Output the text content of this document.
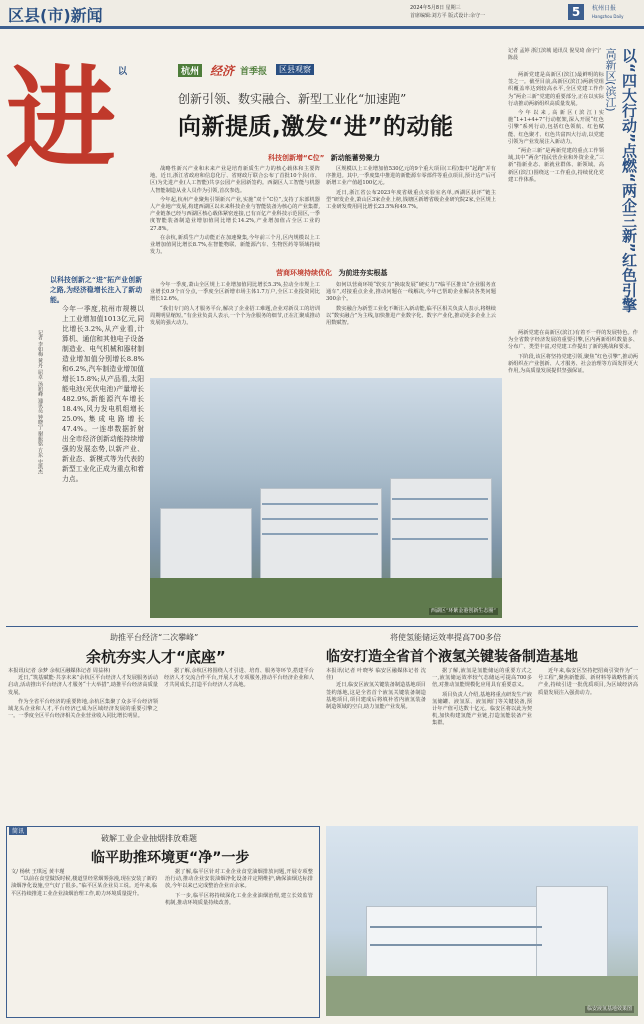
区县(市)新闻	2024年5月8日 星期三
首席编辑:刘方平 版式设计:余守一	5	杭州日报
Hangzhou Daily
进 以
以科技创新之“进”拓产业创新之路,为经济稳增长注入了新动能。
记者 李如梅 黄丹 屈卓 汤旭峰 通讯员 钟晓宁 谢振铭 方东 史凯杰
今年一季度,杭州市规模以上工业增加值1013亿元,同比增长3.2%,从产业看,计算机、通信和其他电子设备制造业、电气机械和器材制造业增加值分别增长8.8%和6.2%,汽车制造业增加值增长15.8%;从产品看,太阳能电池(光伏电池)产量增长482.9%,新能源汽车增长18.4%,风力发电机组增长25.0%,集成电路增长47.4%。一连串数据折射出全市经济创新动能持续增强的发展态势,以新产业、新业态、新模式等为代表的新型工业化正成为重点和着力点。
杭州 经济 首季报	区县观察
创新引领、数实融合、新型工业化“加速跑”
向新提质,激发“进”的动能
科技创新增“C位” 新动能蓄势聚力

战略性新兴产业和未来产业是培育新质生产力的核心载体和主要阵地。近日,浙江省政府和信息化厅、省财政厅联合公布了首批10个县(市、区)为先进产业(人工智能)共享公园产业园新签约。西湖区人工智能与机器人智能制造从业人员作为引领,首次参选。

今年起,杭州产业聚焦引领新兴产业,实施“双十“C位”,支持了东部机器人产业地产发展,构建西湖区以未来科技企业与智能装备为核心的产业集群,产业链条已经与西湖区核心载体紧密连接,已有百亿产业科技示范园区,一季度智能装备制造业增加值同比增长14.2%,产业增加值占全区工业的27.8%。

在余杭,新质生产力动能正在加速聚集,今年前三个月,区内规模以上工业增加值同比增长8.7%,在智能物联、新能源汽车、生物医药等领域持续发力。

区规模以上工业增加值530亿元的9个重大项目(工程)集中“起跑”并有序推进。其中,一季度集中推进的新能源车零部件等重点项目,预计达产后可新增工业产值超100亿元。

近日,浙江省公布2023年度省级重点实验室名单,西湖区获评“链主型”研发企业,萧山区3家企业上榜,钱塘区新增省级企业研究院2家,全区规上工业研发费用同比增长23.5%和49.7%。

营商环境持续优化 为前进夯实根基

今年一季度,萧山全区规上工业增加值同比增长5.3%,拉动全市规上工业增长0.9个百分点,一季度全区新增市场主体1.7万户,全区工业投资同比增长12.6%。

“我们专门的人才服务平台,解决了企业招工难题,企业对新员工的培训周期明显缩短。”有企业负责人表示,一个个为企服务的细节,正在汇聚成推动发展的强大动力。

如何以营商环境“软实力”换取发展“硬实力”?临平区推出“企业服务直通车”,对接重点企业,推动问题在一线解决,今年已帮助企业解决各类问题300余个。

数实融合为新型工业化不断注入新动能,临平区相关负责人表示,将继续以“数实融合”为主线,加快推进产业数字化、数字产业化,推动更多企业上云用数赋智。

西湖区“环紫金港创新生态圈”
记者 孟婷 浙江滨城 通讯员 倪旻琦 俞宇宁 陈晨	高新区(滨江) 以“四大行动”点燃“两企三新”红色引擎

两新党建是高新区(滨江)最鲜明的标签之一。截至目前,高新区(滨江)两新党组织覆盖率达到较高水平,全区党建工作作为“两企三新”党建的重要部分,正在以实际行动推动两新组织高质量发展。

今年以来,高新区(滨江)实施“1+1+4+7”行动框架,深入开展“红色引擎”系列行动,包括红色领航、红色赋能、红色聚才、红色共富四大行动,以党建引领为产业发展注入新动力。

“两企三新”是两新党建的重点工作领域,其中“两企”指民营企业和外资企业,“三新”指新业态、新就业群体、新领域。高新区(滨江)围绕这一工作重点,持续优化党建工作体系。

两新党建在高新区(滨江)有着不一样的发展特色。作为全省数字经济发展的重要引擎,区内两新组织数量多、分布广、类型丰富,对党建工作提出了新的挑战和要求。

下阶段,该区将坚持党建引领,聚焦“红色引擎”,推动两新组织在产业创新、人才服务、社会治理等方面发挥更大作用,为高质量发展提供坚强保证。

助推平台经济“二次攀峰”
余杭夯实人才“底座”

本报讯(记者 余梦 余杭区融媒体记者 周益林)

近日,“筑基赋能·共享未来”余杭区平台经济人才发展服务活动启动,活动推出平台经济人才服务“十大举措”,助推平台经济高质量发展。

作为全省平台经济的重要阵地,余杭区集聚了众多平台经济领域龙头企业和人才,平台经济已成为区域经济发展的重要引擎之一。一季度全区平台经济相关企业营业收入同比增长明显。

据了解,余杭区将围绕人才引进、培育、服务等环节,搭建平台经济人才交流合作平台,开展人才专项服务,推动平台经济企业和人才共同成长,打造平台经济人才高地。

将使氢能储运效率提高700多倍
临安打造全省首个液氢关键装备制造基地

本报讯(记者 叶晓岑 临安区融媒体记者 沈佳)

近日,临安区液氢关键装备制造基地项目签约落地,这是全省首个液氢关键装备制造基地项目,项目建成后将填补省内液氢装备制造领域的空白,助力氢能产业发展。

据了解,液氢是氢能储运的重要方式之一,液氢储运效率较气态储运可提高700多倍,对推动氢能规模化应用具有重要意义。

项目负责人介绍,基地将重点研发生产液氢储罐、液氢泵、液氢阀门等关键装备,预计年产值可达数十亿元。临安区将以此为契机,加快构建氢能产业链,打造氢能装备产业集群。

近年来,临安区坚持把招商引资作为“一号工程”,聚焦新能源、新材料等战略性新兴产业,持续引进一批优质项目,为区域经济高质量发展注入强劲动力。

简讯
破解工业企业抽烟排放难题
临平助推环境更“净”一步

文/ 杨秋 王琪远 黄丰瑾

“以前在食堂做饭时候,楼道里经常烟雾弥漫,现在安装了新的油烟净化设施,空气好了很多。”临平区某企业员工说。近年来,临平区持续推进工业企业油烟治理工作,助力环境质量提升。

据了解,临平区针对工业企业食堂油烟排放问题,开展专项整治行动,推动企业安装油烟净化设备并定期维护,确保油烟达标排放,今年以来已完成整治企业百余家。

下一步,临平区将持续深化工业企业油烟治理,建立长效监管机制,推动环境质量持续改善。

临安液氢基地效果图
